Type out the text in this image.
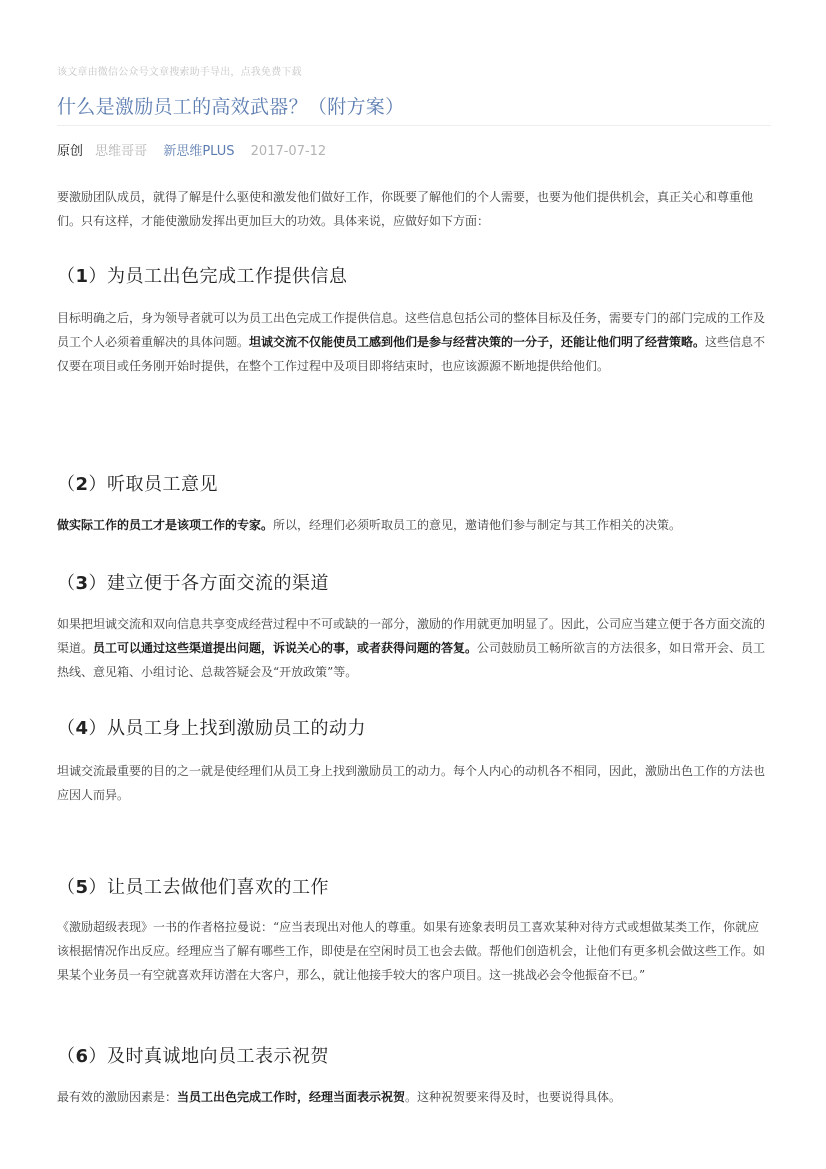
该文章由微信公众号文章搜索助手导出，点我免费下载
什么是激励员工的高效武器？（附方案）
原创 思维哥哥 新思维PLUS 2017-07-12

要激励团队成员，就得了解是什么驱使和激发他们做好工作，你既要了解他们的个人需要，也要为他们提供机会，真正关心和尊重他们。只有这样，才能使激励发挥出更加巨大的功效。具体来说，应做好如下方面：

（1）为员工出色完成工作提供信息

目标明确之后，身为领导者就可以为员工出色完成工作提供信息。这些信息包括公司的整体目标及任务，需要专门的部门完成的工作及员工个人必须着重解决的具体问题。坦诚交流不仅能使员工感到他们是参与经营决策的一分子，还能让他们明了经营策略。这些信息不仅要在项目或任务刚开始时提供，在整个工作过程中及项目即将结束时，也应该源源不断地提供给他们。

（2）听取员工意见

做实际工作的员工才是该项工作的专家。所以，经理们必须听取员工的意见，邀请他们参与制定与其工作相关的决策。

（3）建立便于各方面交流的渠道

如果把坦诚交流和双向信息共享变成经营过程中不可或缺的一部分，激励的作用就更加明显了。因此，公司应当建立便于各方面交流的渠道。员工可以通过这些渠道提出问题，诉说关心的事，或者获得问题的答复。公司鼓励员工畅所欲言的方法很多，如日常开会、员工热线、意见箱、小组讨论、总裁答疑会及“开放政策”等。

（4）从员工身上找到激励员工的动力

坦诚交流最重要的目的之一就是使经理们从员工身上找到激励员工的动力。每个人内心的动机各不相同，因此，激励出色工作的方法也应因人而异。

（5）让员工去做他们喜欢的工作

《激励超级表现》一书的作者格拉曼说：“应当表现出对他人的尊重。如果有迹象表明员工喜欢某种对待方式或想做某类工作，你就应该根据情况作出反应。经理应当了解有哪些工作，即使是在空闲时员工也会去做。帮他们创造机会，让他们有更多机会做这些工作。如果某个业务员一有空就喜欢拜访潜在大客户，那么，就让他接手较大的客户项目。这一挑战必会令他振奋不已。”

（6）及时真诚地向员工表示祝贺

最有效的激励因素是：当员工出色完成工作时，经理当面表示祝贺。这种祝贺要来得及时，也要说得具体。
